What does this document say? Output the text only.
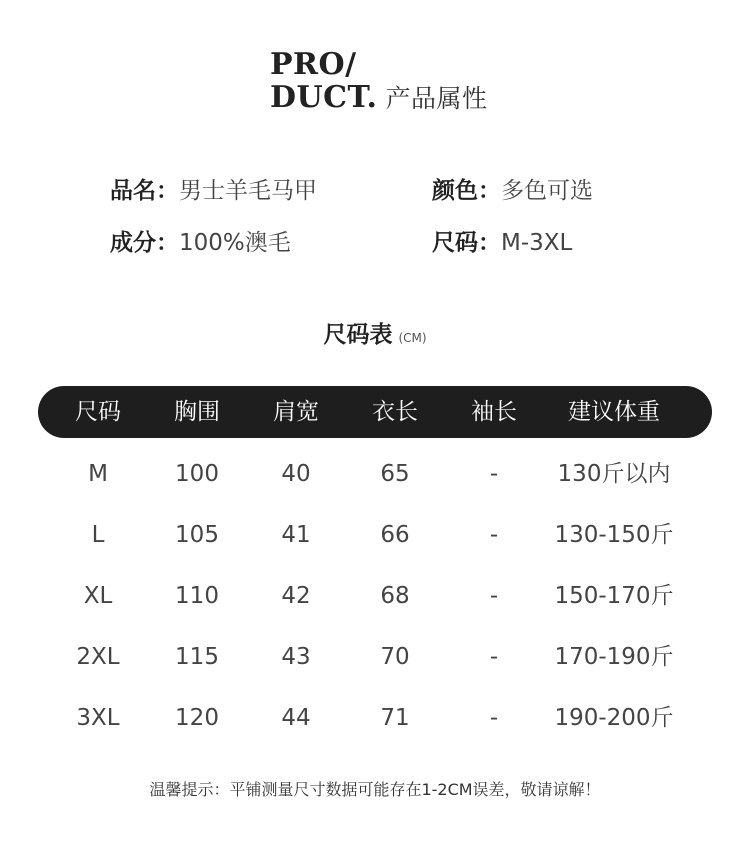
PRO/
DUCT. 产品属性
品名：男士羊毛马甲	颜色：多色可选
成分：100%澳毛	尺码：M-3XL
尺码表 (CM)
尺码	胸围	肩宽	衣长	袖长	建议体重
M	100	40	65	-	130斤以内
L	105	41	66	-	130-150斤
XL	110	42	68	-	150-170斤
2XL	115	43	70	-	170-190斤
3XL	120	44	71	-	190-200斤
温馨提示：平铺测量尺寸数据可能存在1-2CM误差，敬请谅解！
